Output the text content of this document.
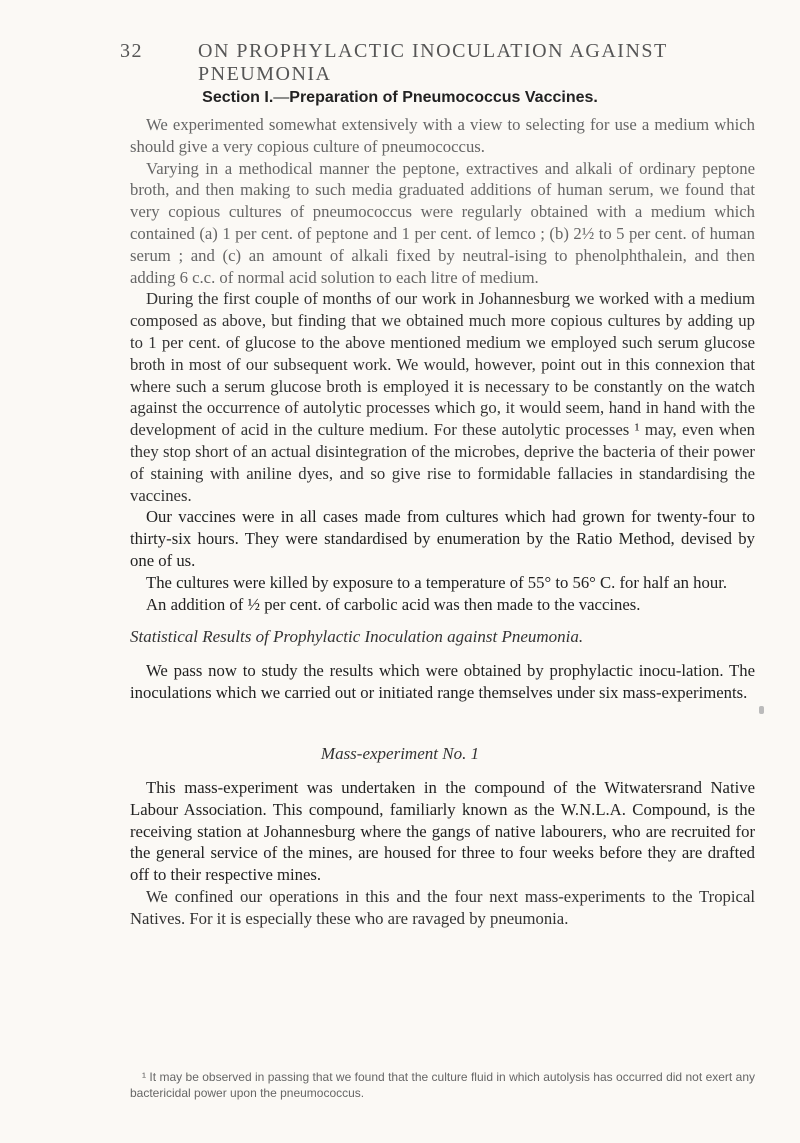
32	ON PROPHYLACTIC INOCULATION AGAINST PNEUMONIA
Section I.—Preparation of Pneumococcus Vaccines.

We experimented somewhat extensively with a view to selecting for use a medium which should give a very copious culture of pneumococcus.

Varying in a methodical manner the peptone, extractives and alkali of ordinary peptone broth, and then making to such media graduated additions of human serum, we found that very copious cultures of pneumococcus were regularly obtained with a medium which contained (a) 1 per cent. of peptone and 1 per cent. of lemco ; (b) 2½ to 5 per cent. of human serum ; and (c) an amount of alkali fixed by neutral-ising to phenolphthalein, and then adding 6 c.c. of normal acid solution to each litre of medium.

During the first couple of months of our work in Johannesburg we worked with a medium composed as above, but finding that we obtained much more copious cultures by adding up to 1 per cent. of glucose to the above mentioned medium we employed such serum glucose broth in most of our subsequent work. We would, however, point out in this connexion that where such a serum glucose broth is employed it is necessary to be constantly on the watch against the occurrence of autolytic processes which go, it would seem, hand in hand with the development of acid in the culture medium. For these autolytic processes ¹ may, even when they stop short of an actual disintegration of the microbes, deprive the bacteria of their power of staining with aniline dyes, and so give rise to formidable fallacies in standardising the vaccines.

Our vaccines were in all cases made from cultures which had grown for twenty-four to thirty-six hours. They were standardised by enumeration by the Ratio Method, devised by one of us.

The cultures were killed by exposure to a temperature of 55° to 56° C. for half an hour.

An addition of ½ per cent. of carbolic acid was then made to the vaccines.

Statistical Results of Prophylactic Inoculation against Pneumonia.

We pass now to study the results which were obtained by prophylactic inocu-lation. The inoculations which we carried out or initiated range themselves under six mass-experiments.

Mass-experiment No. 1

This mass-experiment was undertaken in the compound of the Witwatersrand Native Labour Association. This compound, familiarly known as the W.N.L.A. Compound, is the receiving station at Johannesburg where the gangs of native labourers, who are recruited for the general service of the mines, are housed for three to four weeks before they are drafted off to their respective mines.

We confined our operations in this and the four next mass-experiments to the Tropical Natives. For it is especially these who are ravaged by pneumonia.

¹ It may be observed in passing that we found that the culture fluid in which autolysis has occurred did not exert any bactericidal power upon the pneumococcus.
